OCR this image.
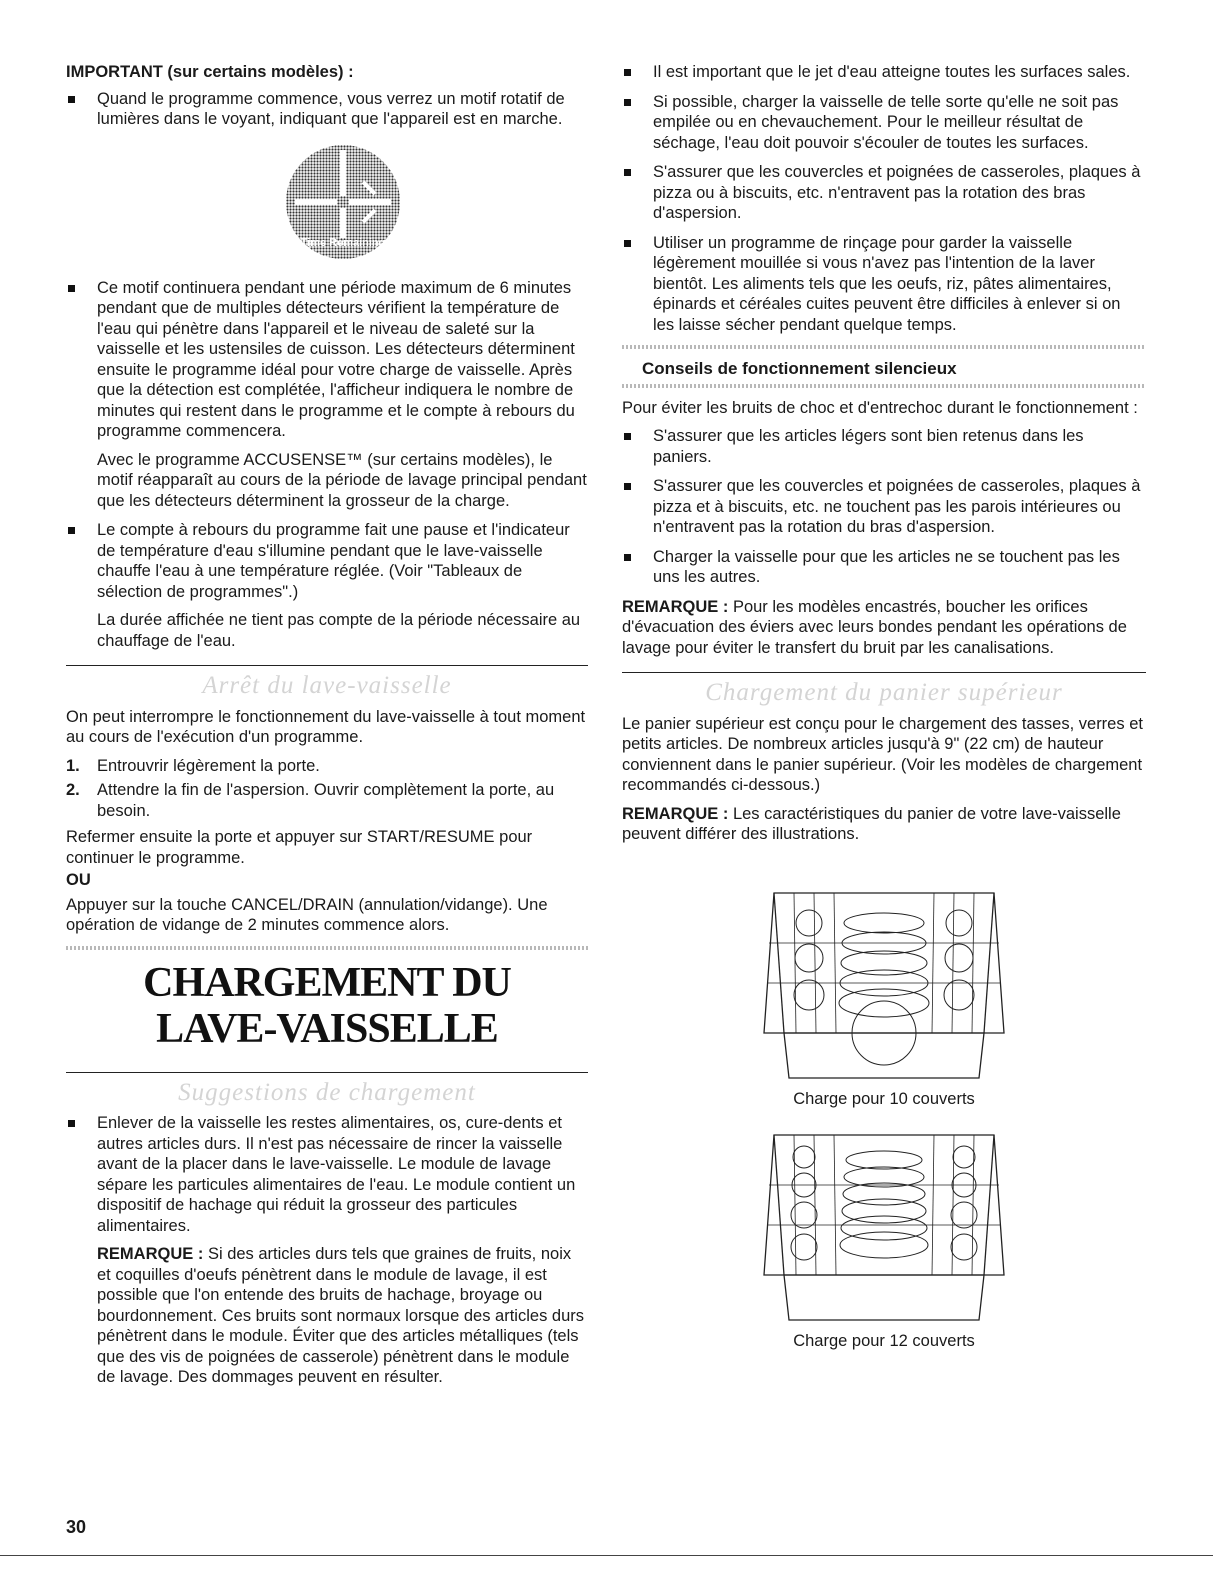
IMPORTANT (sur certains modèles) :

Quand le programme commence, vous verrez un motif rotatif de lumières dans le voyant, indiquant que l'appareil est en marche.
Time Remaining

Ce motif continuera pendant une période maximum de 6 minutes pendant que de multiples détecteurs vérifient la température de l'eau qui pénètre dans l'appareil et le niveau de saleté sur la vaisselle et les ustensiles de cuisson. Les détecteurs déterminent ensuite le programme idéal pour votre charge de vaisselle. Après que la détection est complétée, l'afficheur indiquera le nombre de minutes qui restent dans le programme et le compte à rebours du programme commencera.

Avec le programme ACCUSENSE™ (sur certains modèles), le motif réapparaît au cours de la période de lavage principal pendant que les détecteurs déterminent la grosseur de la charge.

Le compte à rebours du programme fait une pause et l'indicateur de température d'eau s'illumine pendant que le lave-vaisselle chauffe l'eau à une température réglée. (Voir "Tableaux de sélection de programmes".)

La durée affichée ne tient pas compte de la période nécessaire au chauffage de l'eau.

Arrêt du lave-vaisselle

On peut interrompre le fonctionnement du lave-vaisselle à tout moment au cours de l'exécution d'un programme.

1. Entrouvrir légèrement la porte.
2. Attendre la fin de l'aspersion. Ouvrir complètement la porte, au besoin.

Refermer ensuite la porte et appuyer sur START/RESUME pour continuer le programme.

OU

Appuyer sur la touche CANCEL/DRAIN (annulation/vidange). Une opération de vidange de 2 minutes commence alors.

CHARGEMENT DU
LAVE-VAISSELLE
Suggestions de chargement

Enlever de la vaisselle les restes alimentaires, os, cure-dents et autres articles durs. Il n'est pas nécessaire de rincer la vaisselle avant de la placer dans le lave-vaisselle. Le module de lavage sépare les particules alimentaires de l'eau. Le module contient un dispositif de hachage qui réduit la grosseur des particules alimentaires.

REMARQUE : Si des articles durs tels que graines de fruits, noix et coquilles d'oeufs pénètrent dans le module de lavage, il est possible que l'on entende des bruits de hachage, broyage ou bourdonnement. Ces bruits sont normaux lorsque des articles durs pénètrent dans le module. Éviter que des articles métalliques (tels que des vis de poignées de casserole) pénètrent dans le module de lavage. Des dommages peuvent en résulter.

Il est important que le jet d'eau atteigne toutes les surfaces sales.
Si possible, charger la vaisselle de telle sorte qu'elle ne soit pas empilée ou en chevauchement. Pour le meilleur résultat de séchage, l'eau doit pouvoir s'écouler de toutes les surfaces.
S'assurer que les couvercles et poignées de casseroles, plaques à pizza ou à biscuits, etc. n'entravent pas la rotation des bras d'aspersion.
Utiliser un programme de rinçage pour garder la vaisselle légèrement mouillée si vous n'avez pas l'intention de la laver bientôt. Les aliments tels que les oeufs, riz, pâtes alimentaires, épinards et céréales cuites peuvent être difficiles à enlever si on les laisse sécher pendant quelque temps.
Conseils de fonctionnement silencieux

Pour éviter les bruits de choc et d'entrechoc durant le fonctionnement :

S'assurer que les articles légers sont bien retenus dans les paniers.
S'assurer que les couvercles et poignées de casseroles, plaques à pizza et à biscuits, etc. ne touchent pas les parois intérieures ou n'entravent pas la rotation du bras d'aspersion.
Charger la vaisselle pour que les articles ne se touchent pas les uns les autres.

REMARQUE : Pour les modèles encastrés, boucher les orifices d'évacuation des éviers avec leurs bondes pendant les opérations de lavage pour éviter le transfert du bruit par les canalisations.

Chargement du panier supérieur

Le panier supérieur est conçu pour le chargement des tasses, verres et petits articles. De nombreux articles jusqu'à 9" (22 cm) de hauteur conviennent dans le panier supérieur. (Voir les modèles de chargement recommandés ci-dessous.)

REMARQUE : Les caractéristiques du panier de votre lave-vaisselle peuvent différer des illustrations.

Charge pour 10 couverts
Charge pour 12 couverts
30
